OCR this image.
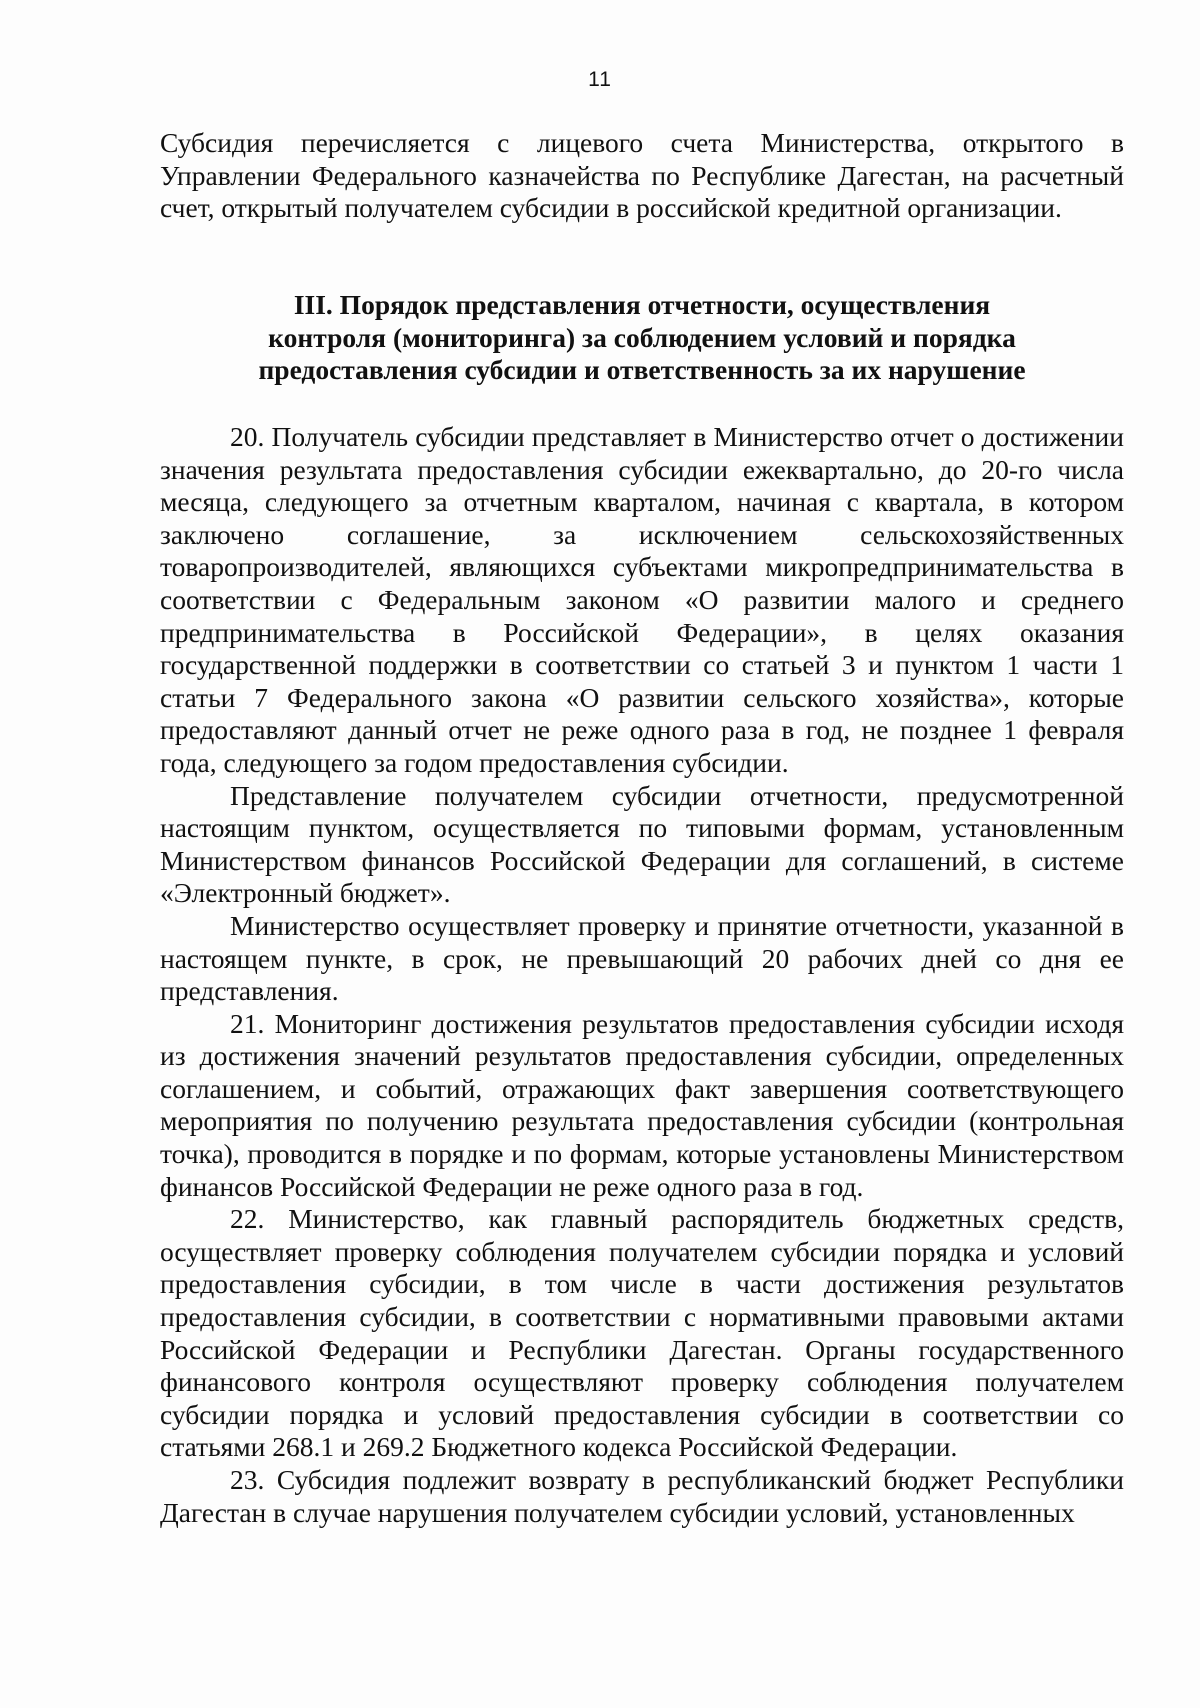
11

Субсидия перечисляется с лицевого счета Министерства, открытого в Управлении Федерального казначейства по Республике Дагестан, на расчетный счет, открытый получателем субсидии в российской кредитной организации.

III. Порядок представления отчетности, осуществления
контроля (мониторинга) за соблюдением условий и порядка
предоставления субсидии и ответственность за их нарушение

20. Получатель субсидии представляет в Министерство отчет о достижении значения результата предоставления субсидии ежеквартально, до 20-го числа месяца, следующего за отчетным кварталом, начиная с квартала, в котором заключено соглашение, за исключением сельскохозяйственных товаропроизводителей, являющихся субъектами микропредпринимательства в соответствии с Федеральным законом «О развитии малого и среднего предпринимательства в Российской Федерации», в целях оказания государственной поддержки в соответствии со статьей 3 и пунктом 1 части 1 статьи 7 Федерального закона «О развитии сельского хозяйства», которые предоставляют данный отчет не реже одного раза в год, не позднее 1 февраля года, следующего за годом предоставления субсидии.

Представление получателем субсидии отчетности, предусмотренной настоящим пунктом, осуществляется по типовыми формам, установленным Министерством финансов Российской Федерации для соглашений, в системе «Электронный бюджет».

Министерство осуществляет проверку и принятие отчетности, указанной в настоящем пункте, в срок, не превышающий 20 рабочих дней со дня ее представления.

21. Мониторинг достижения результатов предоставления субсидии исходя из достижения значений результатов предоставления субсидии, определенных соглашением, и событий, отражающих факт завершения соответствующего мероприятия по получению результата предоставления субсидии (контрольная точка), проводится в порядке и по формам, которые установлены Министерством финансов Российской Федерации не реже одного раза в год.

22. Министерство, как главный распорядитель бюджетных средств, осуществляет проверку соблюдения получателем субсидии порядка и условий предоставления субсидии, в том числе в части достижения результатов предоставления субсидии, в соответствии с нормативными правовыми актами Российской Федерации и Республики Дагестан. Органы государственного финансового контроля осуществляют проверку соблюдения получателем субсидии порядка и условий предоставления субсидии в соответствии со статьями 268.1 и 269.2 Бюджетного кодекса Российской Федерации.

23. Субсидия подлежит возврату в республиканский бюджет Республики Дагестан в случае нарушения получателем субсидии условий, установленных
